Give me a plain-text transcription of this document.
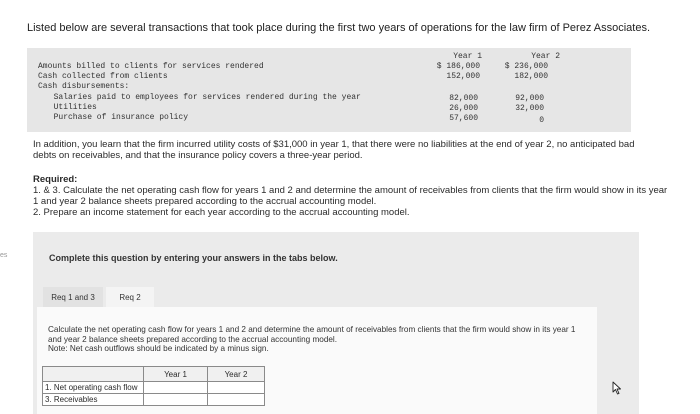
Listed below are several transactions that took place during the first two years of operations for the law firm of Perez Associates.
Year 1	Year 2
Amounts billed to clients for services rendered	$ 186,000	$ 236,000
Cash collected from clients	152,000	182,000
Cash disbursements:
Salaries paid to employees for services rendered during the year	82,000	92,000
Utilities	26,000	32,000
Purchase of insurance policy	57,600	0
In addition, you learn that the firm incurred utility costs of $31,000 in year 1, that there were no liabilities at the end of year 2, no anticipated bad debts on receivables, and that the insurance policy covers a three-year period.
Required:
1. & 3. Calculate the net operating cash flow for years 1 and 2 and determine the amount of receivables from clients that the firm would show in its year 1 and year 2 balance sheets prepared according to the accrual accounting model.
2. Prepare an income statement for each year according to the accrual accounting model.
es	Complete this question by entering your answers in the tabs below.
Req 1 and 3	Req 2
Calculate the net operating cash flow for years 1 and 2 and determine the amount of receivables from clients that the firm would show in its year 1 and year 2 balance sheets prepared according to the accrual accounting model.
Note: Net cash outflows should be indicated by a minus sign.
	Year 1	Year 2
1. Net operating cash flow		
3. Receivables		
